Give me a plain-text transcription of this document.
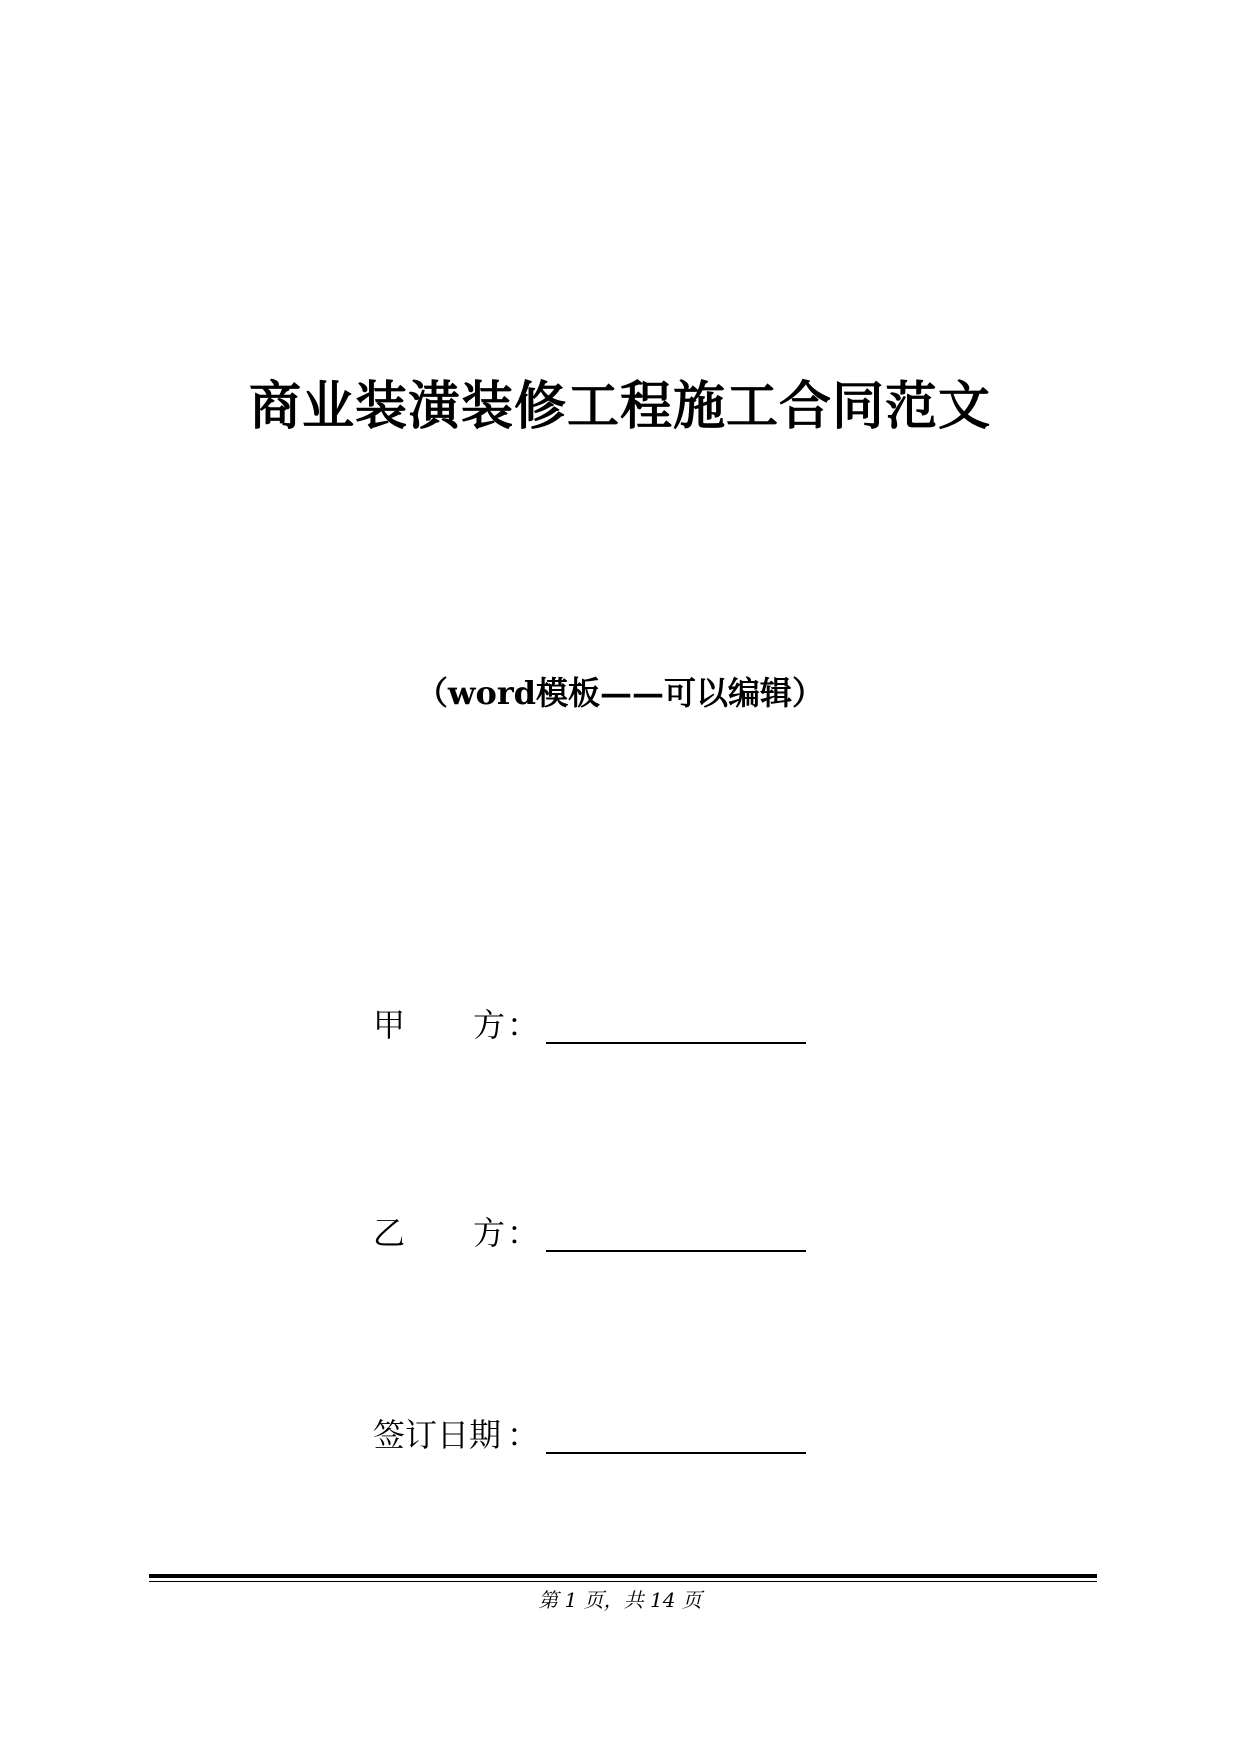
商业装潢装修工程施工合同范文
（word模板——可以编辑）
甲 方 ：
乙 方 ：
签订日期 ：
第 1 页，共 14 页
